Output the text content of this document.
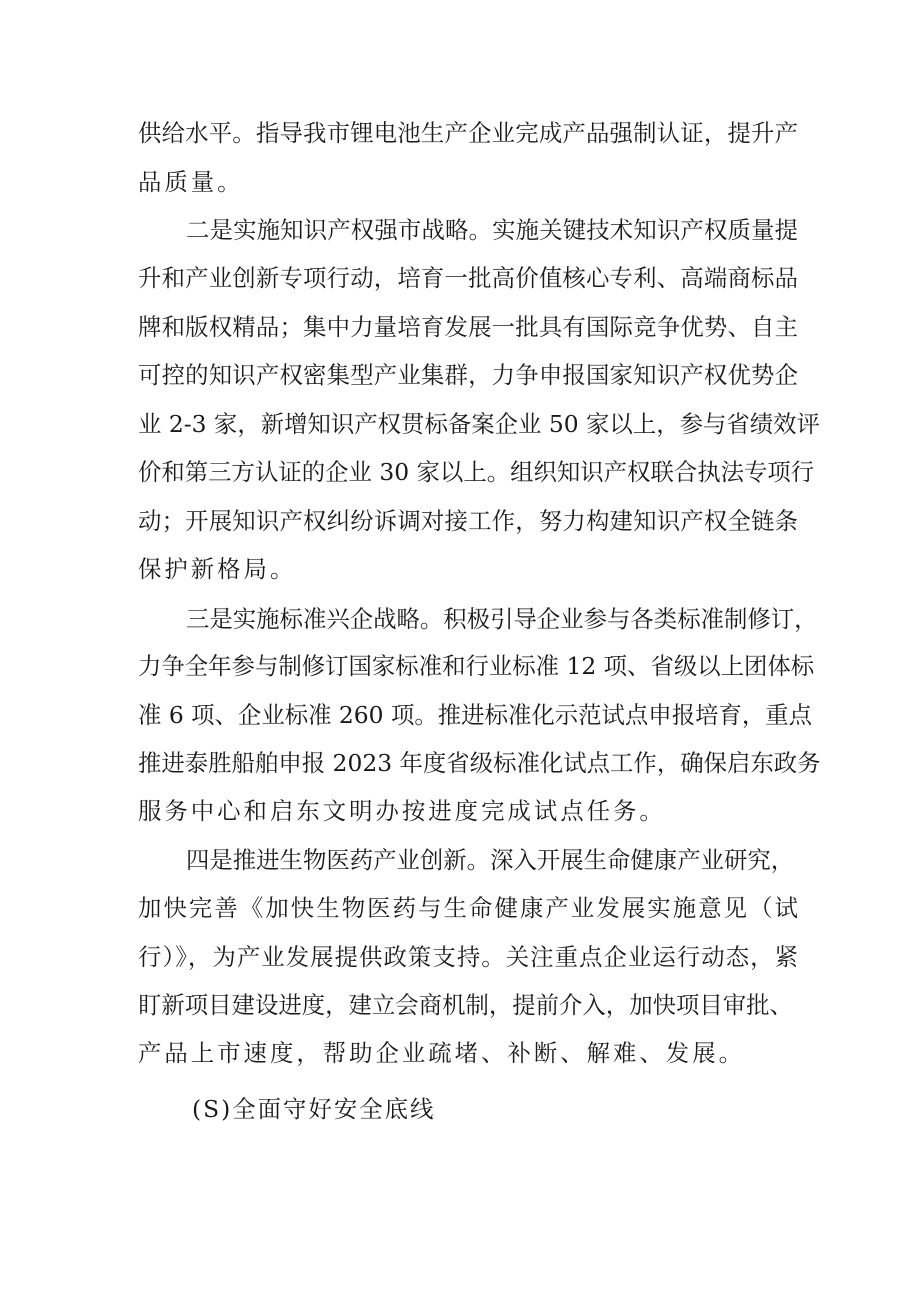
供给水平。指导我市锂电池生产企业完成产品强制认证，提升产
品质量。
二是实施知识产权强市战略。实施关键技术知识产权质量提
升和产业创新专项行动，培育一批高价值核心专利、高端商标品
牌和版权精品；集中力量培育发展一批具有国际竞争优势、自主
可控的知识产权密集型产业集群，力争申报国家知识产权优势企
业 2-3 家，新增知识产权贯标备案企业 50 家以上，参与省绩效评
价和第三方认证的企业 30 家以上。组织知识产权联合执法专项行
动；开展知识产权纠纷诉调对接工作，努力构建知识产权全链条
保护新格局。
三是实施标准兴企战略。积极引导企业参与各类标准制修订，
力争全年参与制修订国家标准和行业标准 12 项、省级以上团体标
准 6 项、企业标准 260 项。推进标准化示范试点申报培育，重点
推进泰胜船舶申报 2023 年度省级标准化试点工作，确保启东政务
服务中心和启东文明办按进度完成试点任务。
四是推进生物医药产业创新。深入开展生命健康产业研究，
加快完善《加快生物医药与生命健康产业发展实施意见（试
行）》，为产业发展提供政策支持。关注重点企业运行动态，紧
盯新项目建设进度，建立会商机制，提前介入，加快项目审批、
产品上市速度，帮助企业疏堵、补断、解难、发展。
(S)全面守好安全底线
